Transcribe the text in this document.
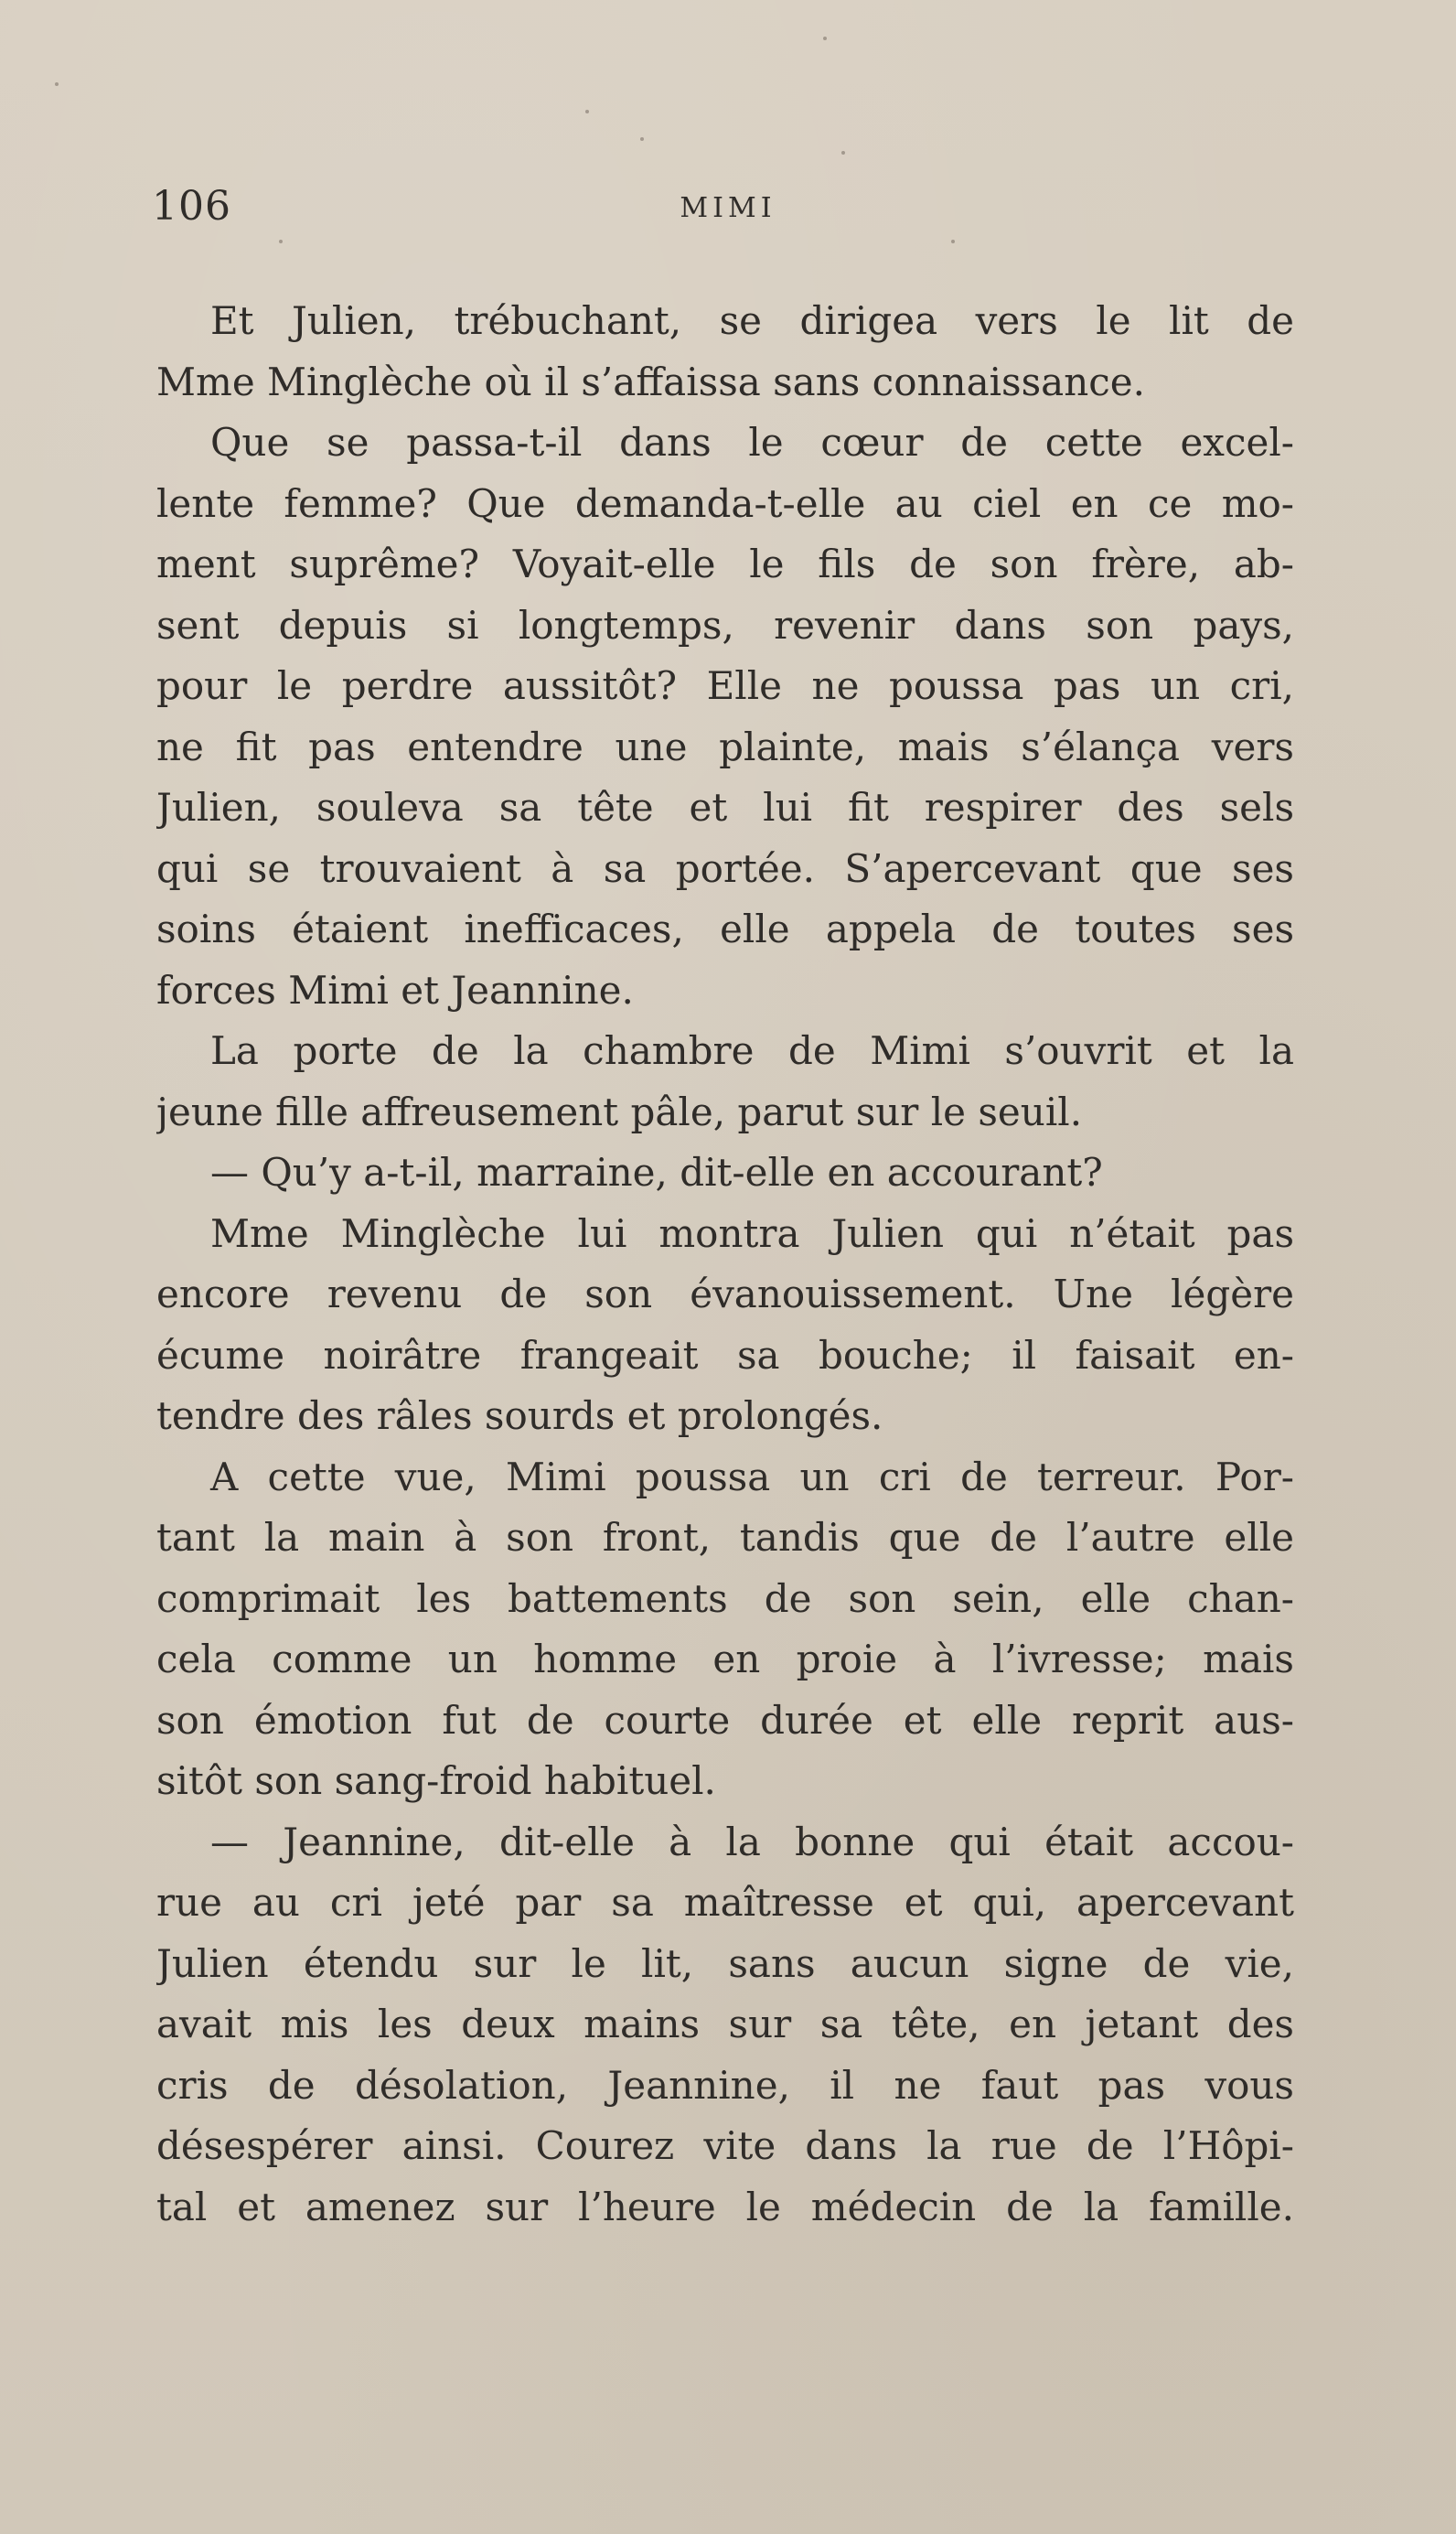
106	MIMI
Et Julien, trébuchant, se dirigea vers le lit de
Mme Minglèche où il s’affaissa sans connaissance.
Que se passa-t-il dans le cœur de cette excel-
lente femme? Que demanda-t-elle au ciel en ce mo-
ment suprême? Voyait-elle le fils de son frère, ab-
sent depuis si longtemps, revenir dans son pays,
pour le perdre aussitôt? Elle ne poussa pas un cri,
ne fit pas entendre une plainte, mais s’élança vers
Julien, souleva sa tête et lui fit respirer des sels
qui se trouvaient à sa portée. S’apercevant que ses
soins étaient inefficaces, elle appela de toutes ses
forces Mimi et Jeannine.
La porte de la chambre de Mimi s’ouvrit et la
jeune fille affreusement pâle, parut sur le seuil.
— Qu’y a-t-il, marraine, dit-elle en accourant?
Mme Minglèche lui montra Julien qui n’était pas
encore revenu de son évanouissement. Une légère
écume noirâtre frangeait sa bouche; il faisait en-
tendre des râles sourds et prolongés.
A cette vue, Mimi poussa un cri de terreur. Por-
tant la main à son front, tandis que de l’autre elle
comprimait les battements de son sein, elle chan-
cela comme un homme en proie à l’ivresse; mais
son émotion fut de courte durée et elle reprit aus-
sitôt son sang-froid habituel.
— Jeannine, dit-elle à la bonne qui était accou-
rue au cri jeté par sa maîtresse et qui, apercevant
Julien étendu sur le lit, sans aucun signe de vie,
avait mis les deux mains sur sa tête, en jetant des
cris de désolation, Jeannine, il ne faut pas vous
désespérer ainsi. Courez vite dans la rue de l’Hôpi-
tal et amenez sur l’heure le médecin de la famille.
